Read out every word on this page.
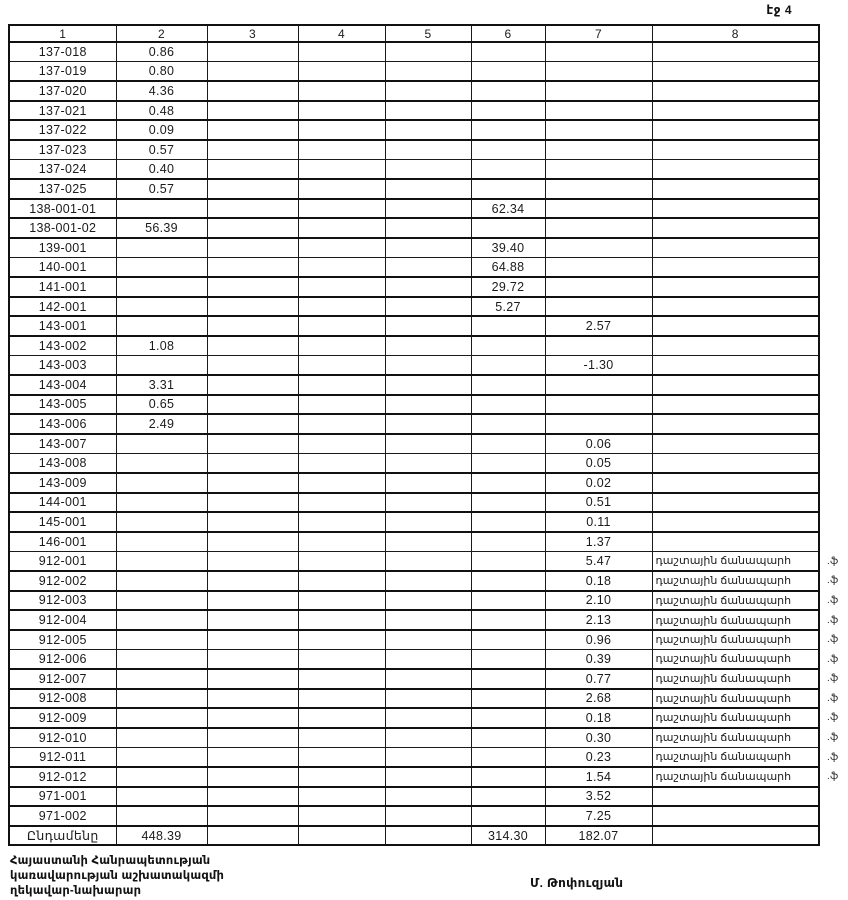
էջ 4
1	2	3	4	5	6	7	8	
137-018	0.86							
137-019	0.80							
137-020	4.36							
137-021	0.48							
137-022	0.09							
137-023	0.57							
137-024	0.40							
137-025	0.57							
138-001-01					62.34			
138-001-02	56.39							
139-001					39.40			
140-001					64.88			
141-001					29.72			
142-001					5.27			
143-001						2.57		
143-002	1.08							
143-003						-1.30		
143-004	3.31							
143-005	0.65							
143-006	2.49							
143-007						0.06		
143-008						0.05		
143-009						0.02		
144-001						0.51		
145-001						0.11		
146-001						1.37		
912-001						5.47	դաշտային ճանապարհ	.ֆ
912-002						0.18	դաշտային ճանապարհ	.ֆ
912-003						2.10	դաշտային ճանապարհ	.ֆ
912-004						2.13	դաշտային ճանապարհ	.ֆ
912-005						0.96	դաշտային ճանապարհ	.ֆ
912-006						0.39	դաշտային ճանապարհ	.ֆ
912-007						0.77	դաշտային ճանապարհ	.ֆ
912-008						2.68	դաշտային ճանապարհ	.ֆ
912-009						0.18	դաշտային ճանապարհ	.ֆ
912-010						0.30	դաշտային ճանապարհ	.ֆ
912-011						0.23	դաշտային ճանապարհ	.ֆ
912-012						1.54	դաշտային ճանապարհ	.ֆ
971-001						3.52		
971-002						7.25		
Ընդամենը	448.39				314.30	182.07		
Հայաստանի Հանրապետության
կառավարության աշխատակազմի
ղեկավար-նախարար
Մ. Թոփուզյան
